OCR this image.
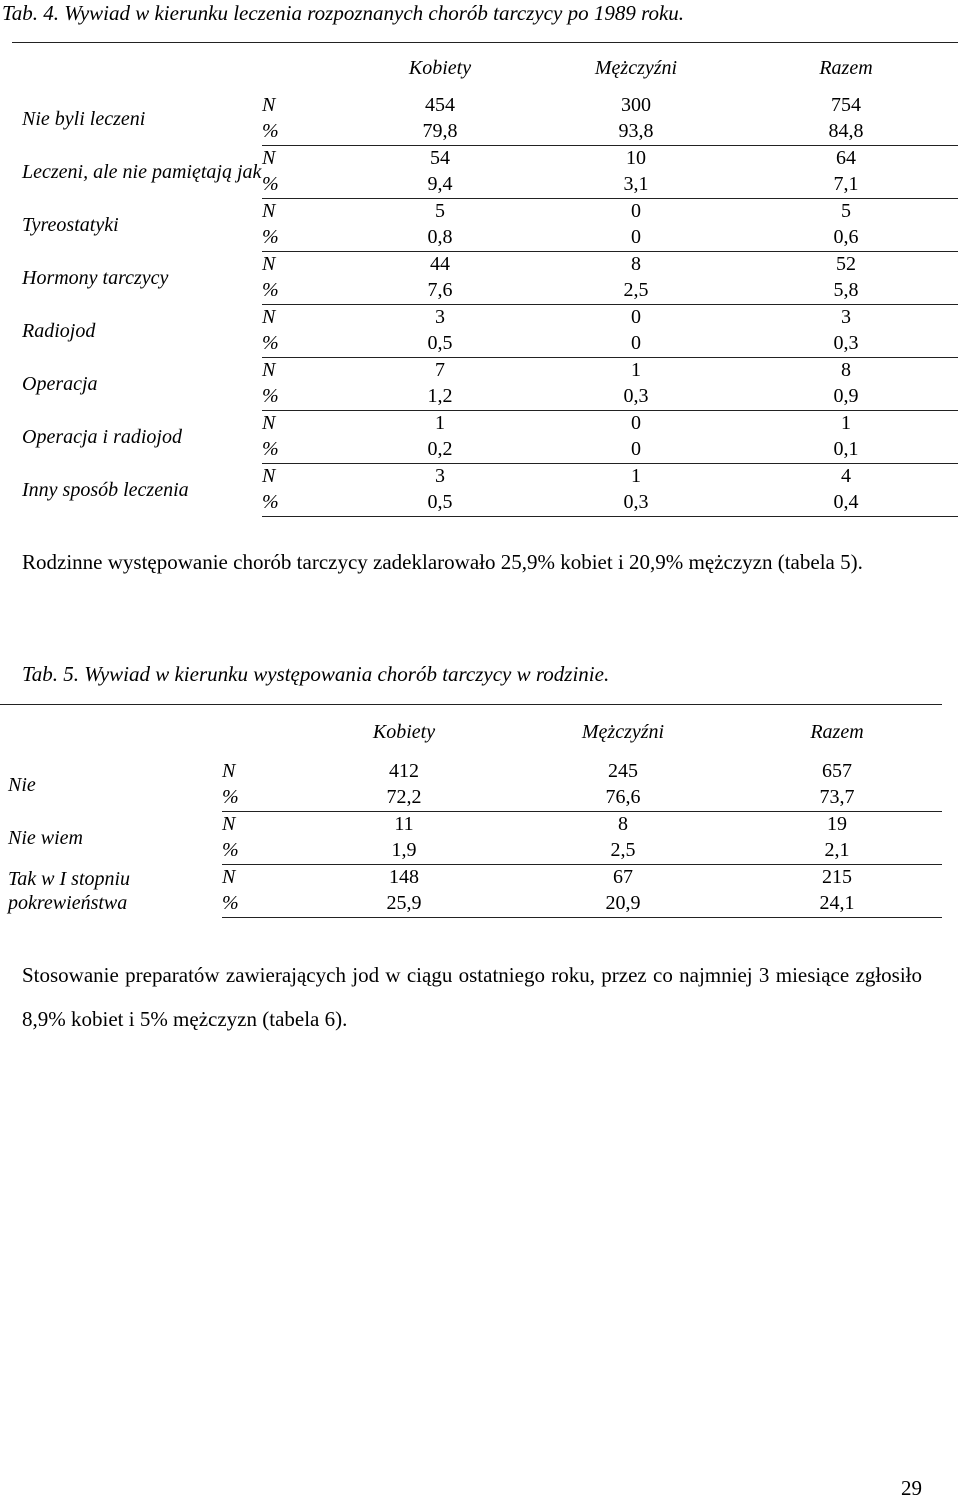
Tab. 4. Wywiad w kierunku leczenia rozpoznanych chorób tarczycy po 1989 roku.
		Kobiety	Mężczyźni	Razem
Nie byli leczeni	N	454	300	754
	%	79,8	93,8	84,8
Leczeni, ale nie pamiętają jak	N	54	10	64
	%	9,4	3,1	7,1
Tyreostatyki	N	5	0	5
	%	0,8	0	0,6
Hormony tarczycy	N	44	8	52
	%	7,6	2,5	5,8
Radiojod	N	3	0	3
	%	0,5	0	0,3
Operacja	N	7	1	8
	%	1,2	0,3	0,9
Operacja i radiojod	N	1	0	1
	%	0,2	0	0,1
Inny sposób leczenia	N	3	1	4
	%	0,5	0,3	0,4
Rodzinne występowanie chorób tarczycy zadeklarowało 25,9% kobiet i 20,9% mężczyzn (tabela 5).
Tab. 5. Wywiad w kierunku występowania chorób tarczycy w rodzinie.
		Kobiety	Mężczyźni	Razem
Nie	N	412	245	657
	%	72,2	76,6	73,7
Nie wiem	N	11	8	19
	%	1,9	2,5	2,1
Tak w I stopniu pokrewieństwa	N	148	67	215
	%	25,9	20,9	24,1
Stosowanie preparatów zawierających jod w ciągu ostatniego roku, przez co najmniej 3 miesiące zgłosiło 8,9% kobiet i 5% mężczyzn (tabela 6).
29
